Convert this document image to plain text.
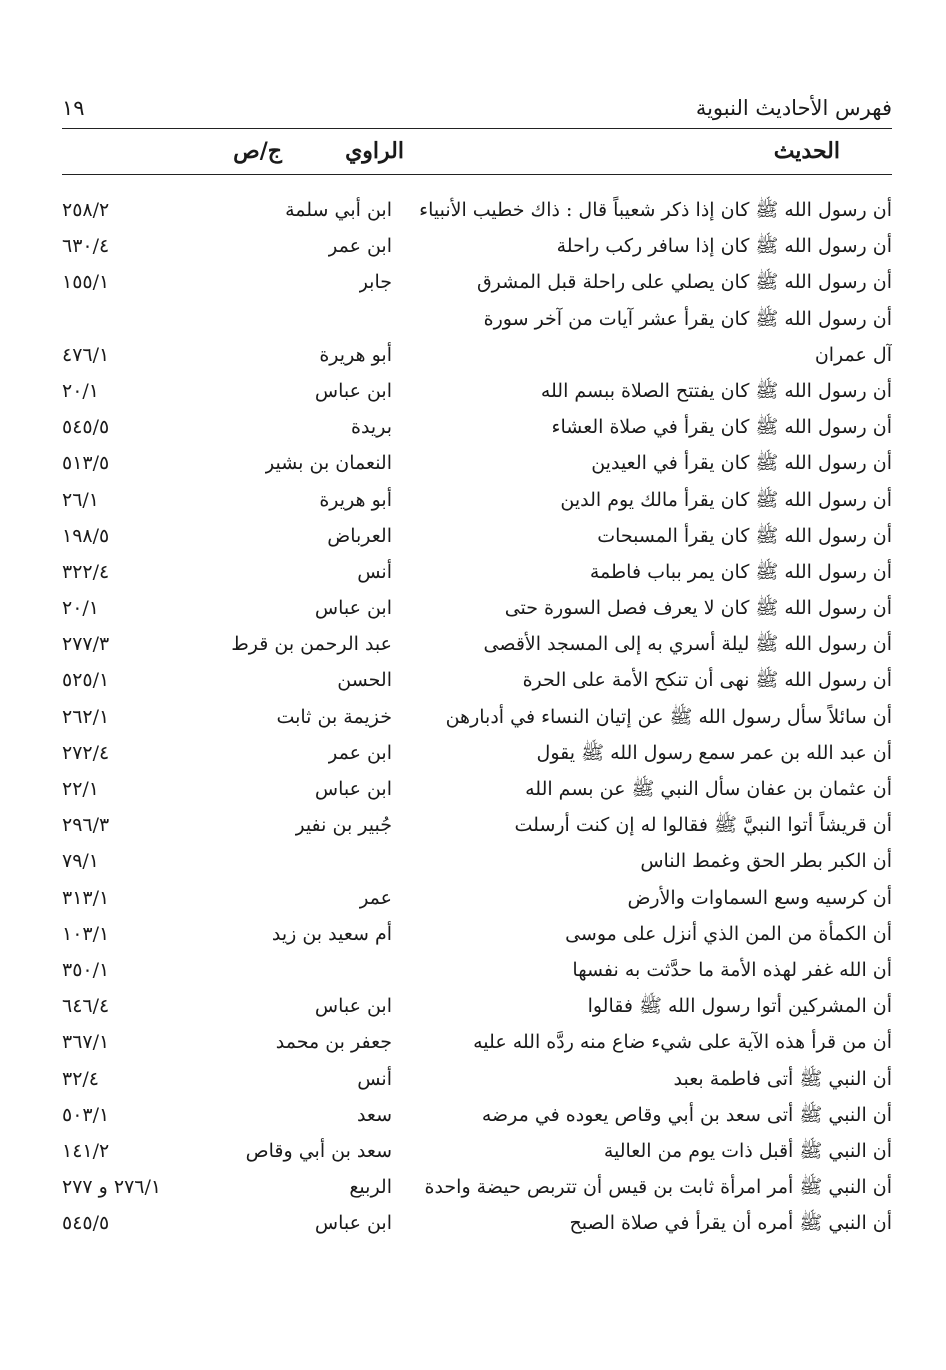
فهرس الأحاديث النبوية
١٩
الحديث
الراوي
ج/ص
أن رسول الله ﷺ كان إذا ذكر شعيباً قال : ذاك خطيب الأنبياء
ابن أبي سلمة
٢٥٨/٢
أن رسول الله ﷺ كان إذا سافر ركب راحلة
ابن عمر
٦٣٠/٤
أن رسول الله ﷺ كان يصلي على راحلة قبل المشرق
جابر
١٥٥/١
أن رسول الله ﷺ كان يقرأ عشر آيات من آخر سورة
آل عمران
أبو هريرة
٤٧٦/١
أن رسول الله ﷺ كان يفتتح الصلاة ببسم الله
ابن عباس
٢٠/١
أن رسول الله ﷺ كان يقرأ في صلاة العشاء
بريدة
٥٤٥/٥
أن رسول الله ﷺ كان يقرأ في العيدين
النعمان بن بشير
٥١٣/٥
أن رسول الله ﷺ كان يقرأ مالك يوم الدين
أبو هريرة
٢٦/١
أن رسول الله ﷺ كان يقرأ المسبحات
العرباض
١٩٨/٥
أن رسول الله ﷺ كان يمر بباب فاطمة
أنس
٣٢٢/٤
أن رسول الله ﷺ كان لا يعرف فصل السورة حتى
ابن عباس
٢٠/١
أن رسول الله ﷺ ليلة أسري به إلى المسجد الأقصى
عبد الرحمن بن قرط
٢٧٧/٣
أن رسول الله ﷺ نهى أن تنكح الأمة على الحرة
الحسن
٥٢٥/١
أن سائلاً سأل رسول الله ﷺ عن إتيان النساء في أدبارهن
خزيمة بن ثابت
٢٦٢/١
أن عبد الله بن عمر سمع رسول الله ﷺ يقول
ابن عمر
٢٧٢/٤
أن عثمان بن عفان سأل النبي ﷺ عن بسم الله
ابن عباس
٢٢/١
أن قريشاً أتوا النبيَّ ﷺ فقالوا له إن كنت أرسلت
جُبير بن نفير
٢٩٦/٣
أن الكبر بطر الحق وغمط الناس
٧٩/١
أن كرسيه وسع السماوات والأرض
عمر
٣١٣/١
أن الكمأة من المن الذي أنزل على موسى
أم سعيد بن زيد
١٠٣/١
أن الله غفر لهذه الأمة ما حدَّثت به نفسها
٣٥٠/١
أن المشركين أتوا رسول الله ﷺ فقالوا
ابن عباس
٦٤٦/٤
أن من قرأ هذه الآية على شيء ضاع منه ردَّه الله عليه
جعفر بن محمد
٣٦٧/١
أن النبي ﷺ أتى فاطمة بعبد
أنس
٣٢/٤
أن النبي ﷺ أتى سعد بن أبي وقاص يعوده في مرضه
سعد
٥٠٣/١
أن النبي ﷺ أقبل ذات يوم من العالية
سعد بن أبي وقاص
١٤١/٢
أن النبي ﷺ أمر امرأة ثابت بن قيس أن تتربص حيضة واحدة
الربيع
٢٧٦/١ و ٢٧٧
أن النبي ﷺ أمره أن يقرأ في صلاة الصبح
ابن عباس
٥٤٥/٥
